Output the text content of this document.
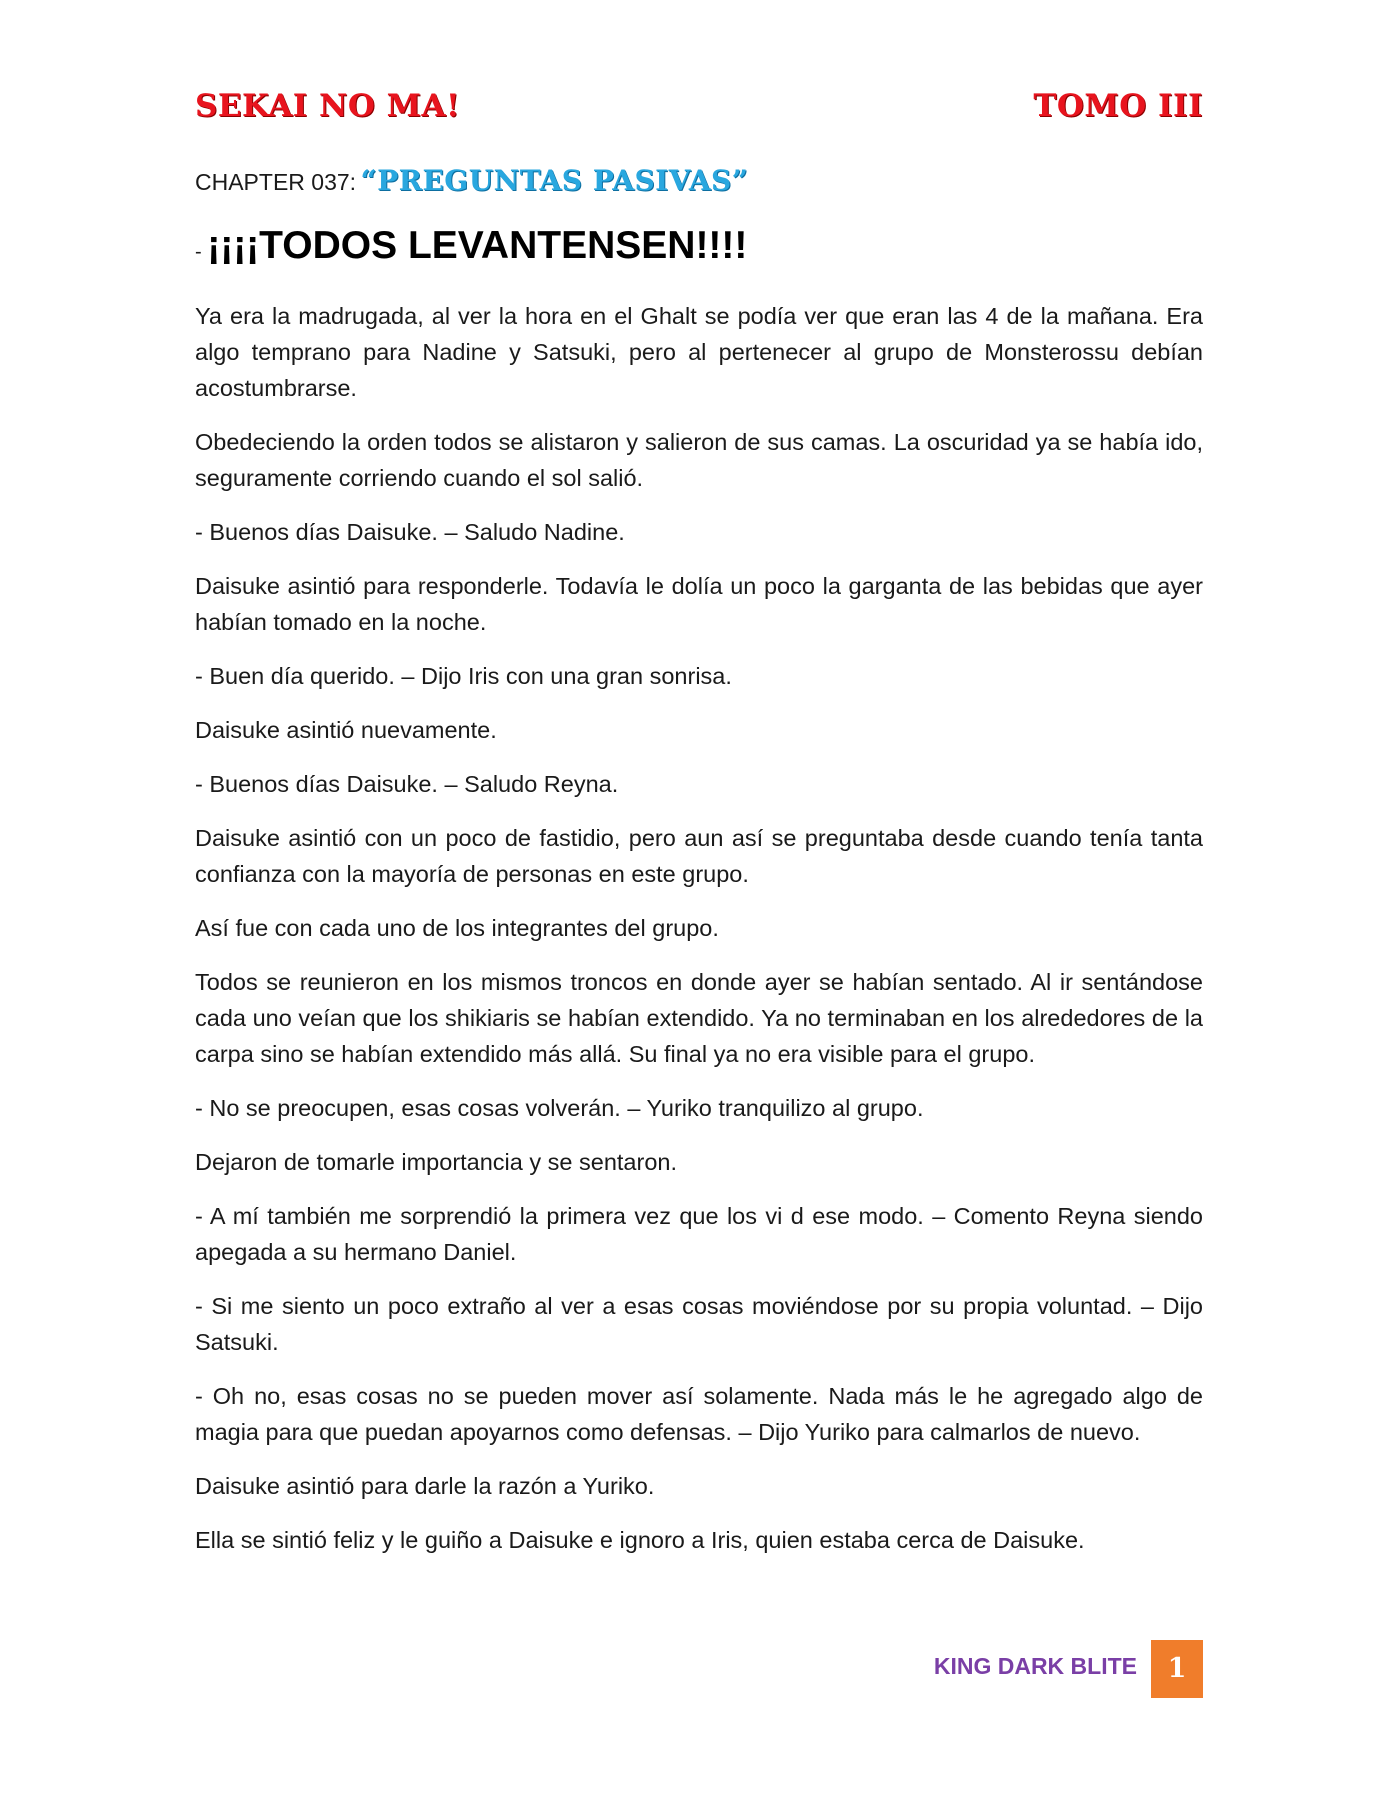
SEKAI NO MA!	TOMO III
CHAPTER 037: “PREGUNTAS PASIVAS”
- ¡¡¡¡TODOS LEVANTENSEN!!!!

Ya era la madrugada, al ver la hora en el Ghalt se podía ver que eran las 4 de la mañana. Era algo temprano para Nadine y Satsuki, pero al pertenecer al grupo de Monsterossu debían acostumbrarse.

Obedeciendo la orden todos se alistaron y salieron de sus camas. La oscuridad ya se había ido, seguramente corriendo cuando el sol salió.

- Buenos días Daisuke. – Saludo Nadine.

Daisuke asintió para responderle. Todavía le dolía un poco la garganta de las bebidas que ayer habían tomado en la noche.

- Buen día querido. – Dijo Iris con una gran sonrisa.

Daisuke asintió nuevamente.

- Buenos días Daisuke. – Saludo Reyna.

Daisuke asintió con un poco de fastidio, pero aun así se preguntaba desde cuando tenía tanta confianza con la mayoría de personas en este grupo.

Así fue con cada uno de los integrantes del grupo.

Todos se reunieron en los mismos troncos en donde ayer se habían sentado. Al ir sentándose cada uno veían que los shikiaris se habían extendido. Ya no terminaban en los alrededores de la carpa sino se habían extendido más allá. Su final ya no era visible para el grupo.

- No se preocupen, esas cosas volverán. – Yuriko tranquilizo al grupo.

Dejaron de tomarle importancia y se sentaron.

- A mí también me sorprendió la primera vez que los vi d ese modo. – Comento Reyna siendo apegada a su hermano Daniel.

- Si me siento un poco extraño al ver a esas cosas moviéndose por su propia voluntad. – Dijo Satsuki.

- Oh no, esas cosas no se pueden mover así solamente. Nada más le he agregado algo de magia para que puedan apoyarnos como defensas. – Dijo Yuriko para calmarlos de nuevo.

Daisuke asintió para darle la razón a Yuriko.

Ella se sintió feliz y le guiño a Daisuke e ignoro a Iris, quien estaba cerca de Daisuke.

KING DARK BLITE	1
